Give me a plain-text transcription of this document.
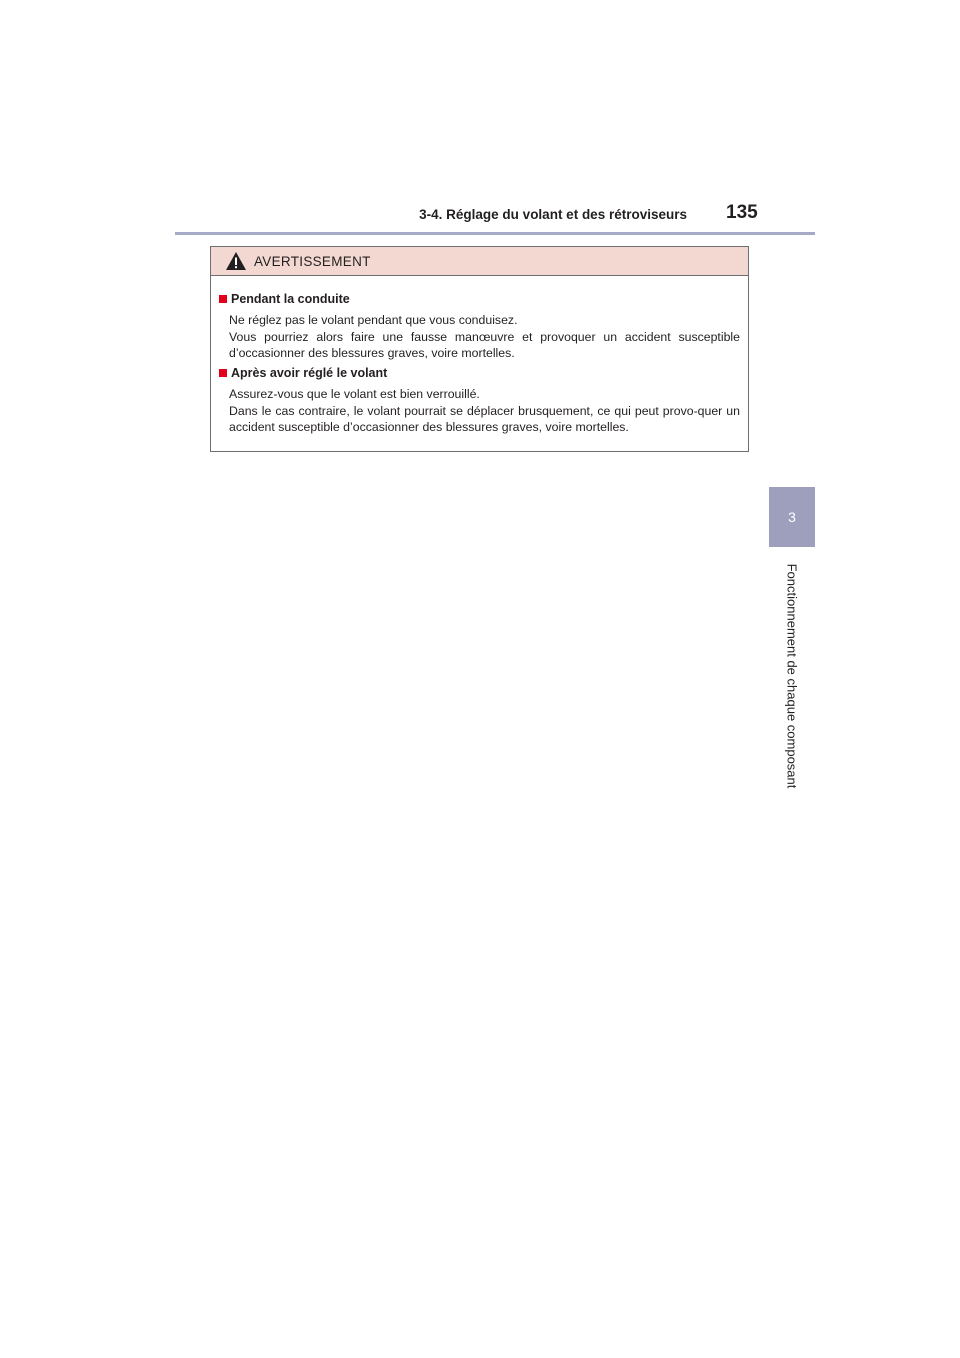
3-4. Réglage du volant et des rétroviseurs 135
3
Fonctionnement de chaque composant
AVERTISSEMENT
Pendant la conduite

Ne réglez pas le volant pendant que vous conduisez.

Vous pourriez alors faire une fausse manœuvre et provoquer un accident susceptible d’occasionner des blessures graves, voire mortelles.

Après avoir réglé le volant

Assurez-vous que le volant est bien verrouillé.

Dans le cas contraire, le volant pourrait se déplacer brusquement, ce qui peut provo-quer un accident susceptible d’occasionner des blessures graves, voire mortelles.
